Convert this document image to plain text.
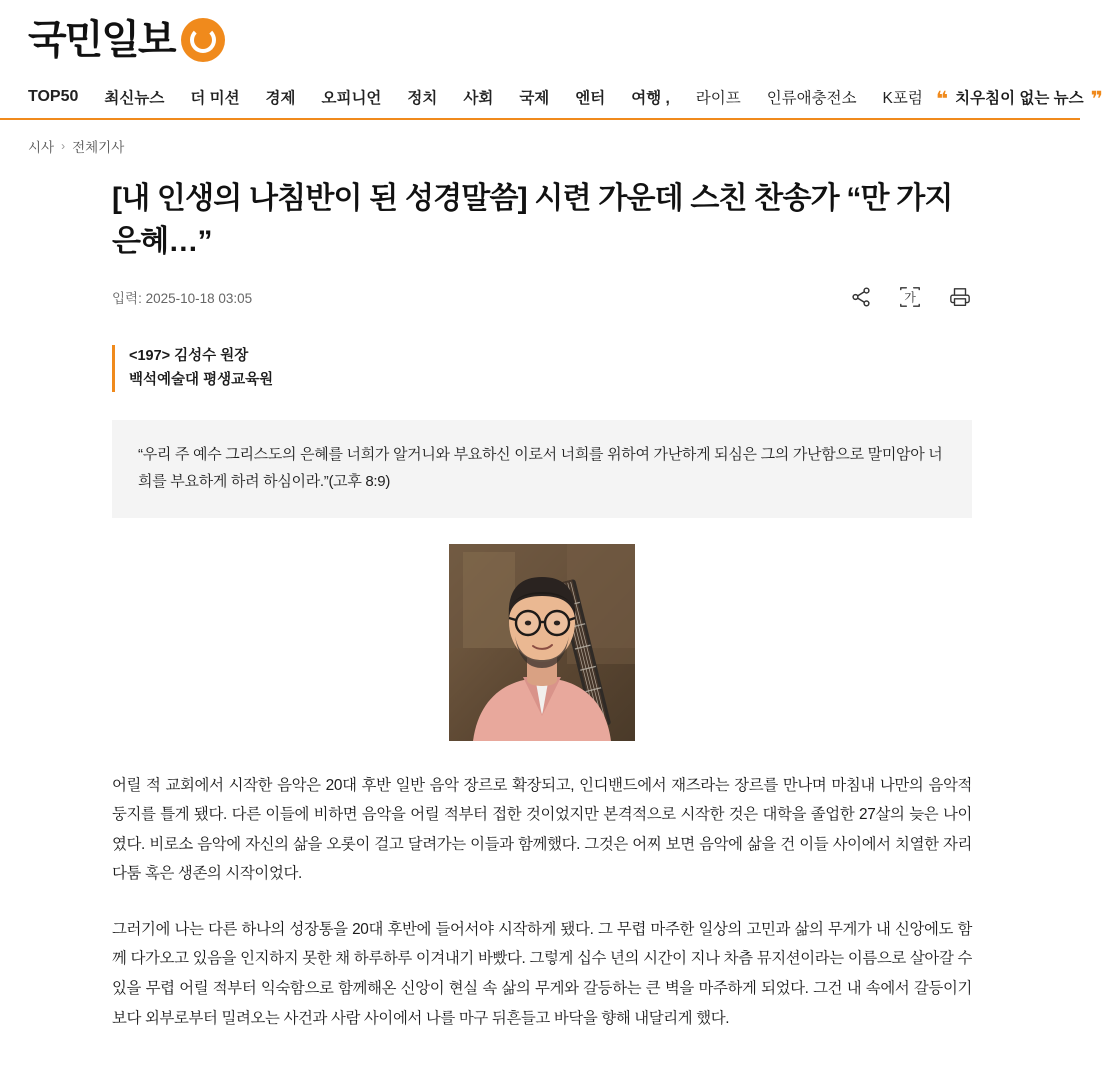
국민일보
TOP50	최신뉴스	더 미션	경제	오피니언	정치	사회	국제	엔터	여행 ,	라이프	인류애충전소	K포럼 ❝ 치우침이 없는 뉴스 ❞
시사 › 전체기사
[내 인생의 나침반이 된 성경말씀] 시련 가운데 스친 찬송가 “만 가지 은혜…”
입력: 2025-10-18 03:05	가
<197> 김성수 원장
백석예술대 평생교육원
“우리 주 예수 그리스도의 은혜를 너희가 알거니와 부요하신 이로서 너희를 위하여 가난하게 되심은 그의 가난함으로 말미암아 너희를 부요하게 하려 하심이라.”(고후 8:9)

어릴 적 교회에서 시작한 음악은 20대 후반 일반 음악 장르로 확장되고, 인디밴드에서 재즈라는 장르를 만나며 마침내 나만의 음악적 둥지를 틀게 됐다. 다른 이들에 비하면 음악을 어릴 적부터 접한 것이었지만 본격적으로 시작한 것은 대학을 졸업한 27살의 늦은 나이였다. 비로소 음악에 자신의 삶을 오롯이 걸고 달려가는 이들과 함께했다. 그것은 어찌 보면 음악에 삶을 건 이들 사이에서 치열한 자리다툼 혹은 생존의 시작이었다.

그러기에 나는 다른 하나의 성장통을 20대 후반에 들어서야 시작하게 됐다. 그 무렵 마주한 일상의 고민과 삶의 무게가 내 신앙에도 함께 다가오고 있음을 인지하지 못한 채 하루하루 이겨내기 바빴다. 그렇게 십수 년의 시간이 지나 차츰 뮤지션이라는 이름으로 살아갈 수 있을 무렵 어릴 적부터 익숙함으로 함께해온 신앙이 현실 속 삶의 무게와 갈등하는 큰 벽을 마주하게 되었다. 그건 내 속에서 갈등이기보다 외부로부터 밀려오는 사건과 사람 사이에서 나를 마구 뒤흔들고 바닥을 향해 내달리게 했다.
